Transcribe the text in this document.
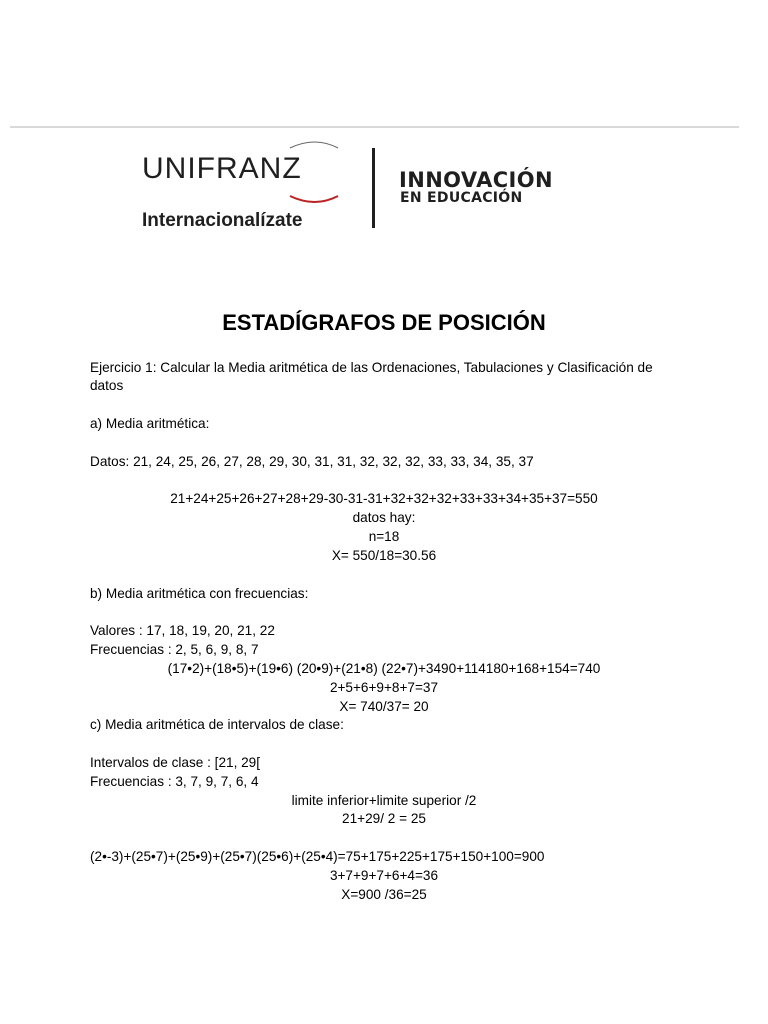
UNIFRANZ
Internacionalízate
INNOVACIÓN
EN EDUCACIÓN
ESTADÍGRAFOS DE POSICIÓN
Ejercicio 1: Calcular la Media aritmética de las Ordenaciones, Tabulaciones y Clasificación de
datos
a) Media aritmética:
Datos: 21, 24, 25, 26, 27, 28, 29, 30, 31, 31, 32, 32, 32, 33, 33, 34, 35, 37
21+24+25+26+27+28+29-30-31-31+32+32+32+33+33+34+35+37=550
datos hay:
n=18
X= 550/18=30.56
b) Media aritmética con frecuencias:
Valores : 17, 18, 19, 20, 21, 22
Frecuencias : 2, 5, 6, 9, 8, 7
(17•2)+(18•5)+(19•6) (20•9)+(21•8) (22•7)+3490+114180+168+154=740
2+5+6+9+8+7=37
X= 740/37= 20
c) Media aritmética de intervalos de clase:
Intervalos de clase : [21, 29[
Frecuencias : 3, 7, 9, 7, 6, 4
limite inferior+limite superior /2
21+29/ 2 = 25
(2•-3)+(25•7)+(25•9)+(25•7)(25•6)+(25•4)=75+175+225+175+150+100=900
3+7+9+7+6+4=36
X=900 /36=25
